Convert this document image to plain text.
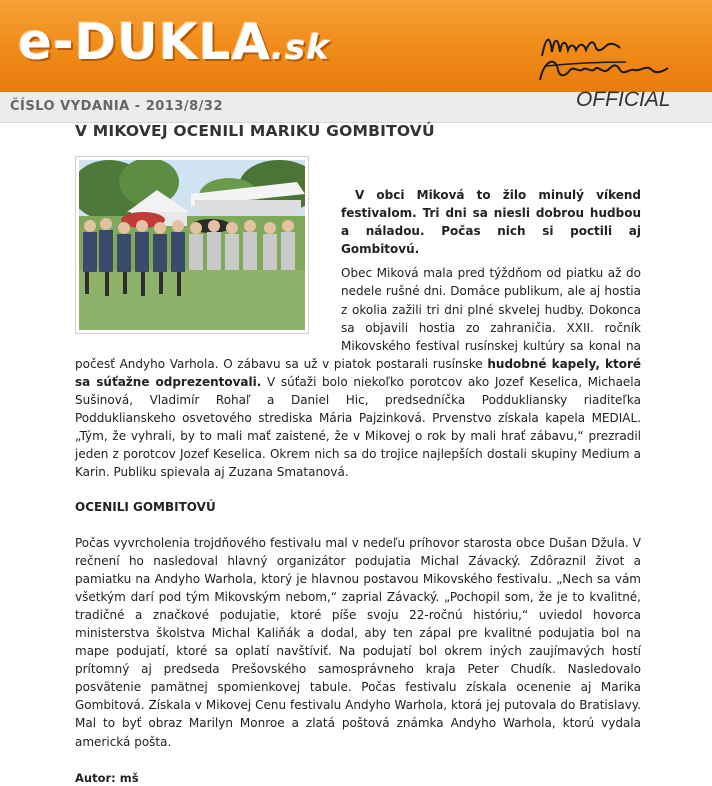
e-DUKLA.sk
ČÍSLO VYDANIA - 2013/8/32	OFFICIAL
V MIKOVEJ OCENILI MARIKU GOMBITOVÚ

V obci Miková to žilo minulý víkend festivalom. Tri dni sa niesli dobrou hudbou a náladou. Počas nich si poctili aj Gombitovú.

Obec Miková mala pred týždňom od piatku až do nedele rušné dni. Domáce publikum, ale aj hostia z okolia zažili tri dni plné skvelej hudby. Dokonca sa objavili hostia zo zahraničia. XXII. ročník Mikovského festival rusínskej kultúry sa konal na počesť Andyho Varhola. O zábavu sa už v piatok postarali rusínske hudobné kapely, ktoré sa súťažne odprezentovali. V súťaži bolo niekoľko porotcov ako Jozef Keselica, Michaela Sušinová, Vladimír Rohaľ a Daniel Hic, predsedníčka Poddukliansky riaditeľka Podduklianskeho osvetového strediska Mária Pajzinková. Prvenstvo získala kapela MEDIAL. „Tým, že vyhrali, by to mali mať zaistené, že v Mikovej o rok by mali hrať zábavu,“ prezradil jeden z porotcov Jozef Keselica. Okrem nich sa do trojice najlepších dostali skupiny Medium a Karin. Publiku spievala aj Zuzana Smatanová.

OCENILI GOMBITOVÚ

Počas vyvrcholenia trojdňového festivalu mal v nedeľu príhovor starosta obce Dušan Džula. V rečnení ho nasledoval hlavný organizátor podujatia Michal Závacký. Zdôraznil život a pamiatku na Andyho Warhola, ktorý je hlavnou postavou Mikovského festivalu. „Nech sa vám všetkým darí pod tým Mikovským nebom,“ zaprial Závacký. „Pochopil som, že je to kvalitné, tradičné a značkové podujatie, ktoré píše svoju 22-ročnú históriu,“ uviedol hovorca ministerstva školstva Michal Kaliňák a dodal, aby ten zápal pre kvalitné podujatia bol na mape podujatí, ktoré sa oplatí navštíviť. Na podujatí bol okrem iných zaujímavých hostí prítomný aj predseda Prešovského samosprávneho kraja Peter Chudík. Nasledovalo posvätenie pamätnej spomienkovej tabule. Počas festivalu získala ocenenie aj Marika Gombitová. Získala v Mikovej Cenu festivalu Andyho Warhola, ktorá jej putovala do Bratislavy. Mal to byť obraz Marilyn Monroe a zlatá poštová známka Andyho Warhola, ktorú vydala americká pošta.

Autor: mš
